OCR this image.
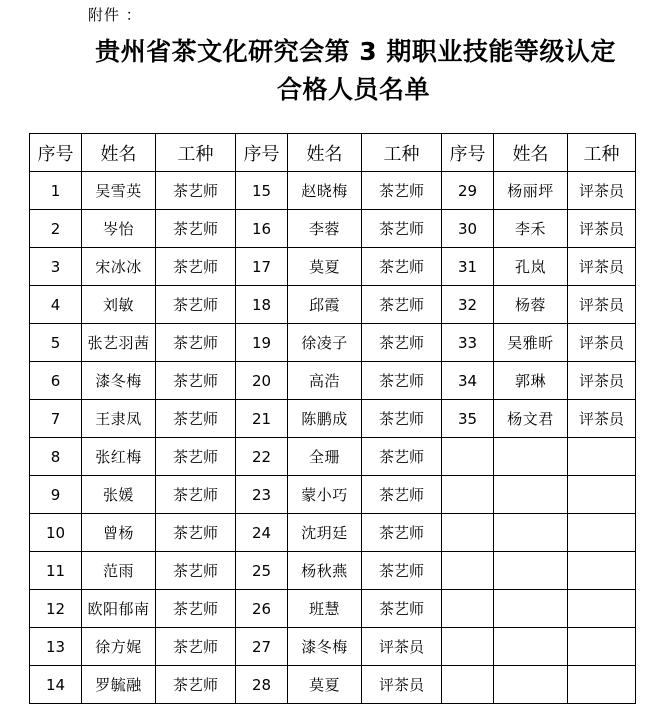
附件 ：
贵州省茶文化研究会第 3 期职业技能等级认定
合格人员名单
序号	姓名	工种	序号	姓名	工种	序号	姓名	工种
1	吴雪英	茶艺师	15	赵晓梅	茶艺师	29	杨丽坪	评茶员
2	岑怡	茶艺师	16	李蓉	茶艺师	30	李禾	评茶员
3	宋冰冰	茶艺师	17	莫夏	茶艺师	31	孔岚	评茶员
4	刘敏	茶艺师	18	邱霞	茶艺师	32	杨蓉	评茶员
5	张艺羽茜	茶艺师	19	徐凌子	茶艺师	33	吴雅昕	评茶员
6	漆冬梅	茶艺师	20	高浩	茶艺师	34	郭琳	评茶员
7	王隶凤	茶艺师	21	陈鹏成	茶艺师	35	杨文君	评茶员
8	张红梅	茶艺师	22	全珊	茶艺师			
9	张媛	茶艺师	23	蒙小巧	茶艺师			
10	曾杨	茶艺师	24	沈玥廷	茶艺师			
11	范雨	茶艺师	25	杨秋燕	茶艺师			
12	欧阳郁南	茶艺师	26	班慧	茶艺师			
13	徐方娓	茶艺师	27	漆冬梅	评茶员			
14	罗毓融	茶艺师	28	莫夏	评茶员			
